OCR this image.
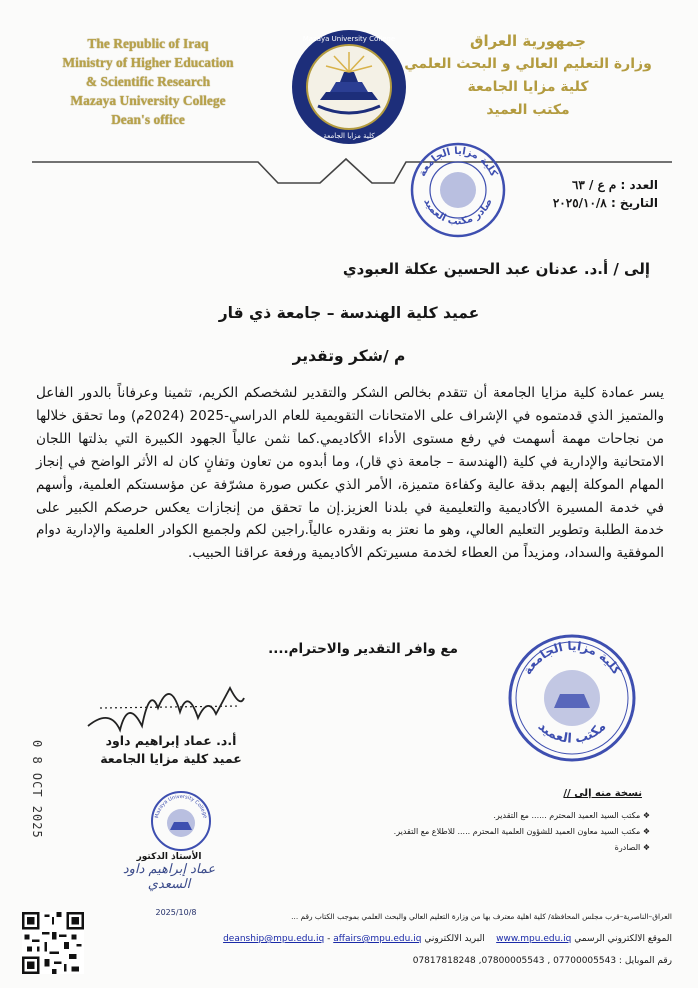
The Republic of Iraq
Ministry of Higher Education
& Scientific Research
Mazaya University College
Dean's office
جمهورية العراق
وزارة التعليم العالي و البحث العلمي
كلية مزايا الجامعة
مكتب العميد
Mazaya University College
كلية مزايا الجامعة
العدد : م ع / ٦٣
التاريخ : ٢٠٢٥/١٠/٨
كلية مزايا الجامعة
صادر مكتب العميد
إلى / أ.د. عدنان عبد الحسين عكلة العبودي
عميد كلية الهندسة – جامعة ذي قار
م /شكر وتقدير
يسر عمادة كلية مزايا الجامعة أن تتقدم بخالص الشكر والتقدير لشخصكم الكريم، تثمينا وعرفاناً بالدور الفاعل والمتميز الذي قدمتموه في الإشراف على الامتحانات التقويمية للعام الدراسي-2025 (2024م) وما تحقق خلالها من نجاحات مهمة أسهمت في رفع مستوى الأداء الأكاديمي.كما نثمن عالياً الجهود الكبيرة التي بذلتها اللجان الامتحانية والإدارية في كلية (الهندسة – جامعة ذي قار)، وما أبدوه من تعاون وتفانٍ كان له الأثر الواضح في إنجاز المهام الموكلة إليهم بدقة عالية وكفاءة متميزة، الأمر الذي عكس صورة مشرّفة عن مؤسستكم العلمية، وأسهم في خدمة المسيرة الأكاديمية والتعليمية في بلدنا العزيز.إن ما تحقق من إنجازات يعكس حرصكم الكبير على خدمة الطلبة وتطوير التعليم العالي، وهو ما نعتز به ونقدره عالياً.راجين لكم ولجميع الكوادر العلمية والإدارية دوام الموفقية والسداد، ومزيداً من العطاء لخدمة مسيرتكم الأكاديمية ورفعة عراقنا الحبيب.
مع وافر التقدير والاحترام....
كلية مزايا الجامعة
مكتب العميد
أ.د. عماد إبراهيم داود
عميد كلية مزايا الجامعة
0 8 OCT 2025	نسخة منه إلى //
❖ مكتب السيد العميد المحترم ...... مع التقدير.
❖ مكتب السيد معاون العميد للشؤون العلمية المحترم ..... للاطلاع مع التقدير.
❖ الصادرة
Mazaya University College
الأستاذ الدكتور
عماد إبراهيم داود السعدي
2025/10/8	العراق–الناصرية–قرب مجلس المحافظة/ كلية اهلية معترف بها من وزارة التعليم العالي والبحث العلمي بموجب الكتاب رقم ...
الموقع الالكتروني الرسمي www.mpu.edu.iq    البريد الالكتروني deanship@mpu.edu.iq - affairs@mpu.edu.iq
رقم الموبايل : 07700005543 , 07800005543, 07817818248
